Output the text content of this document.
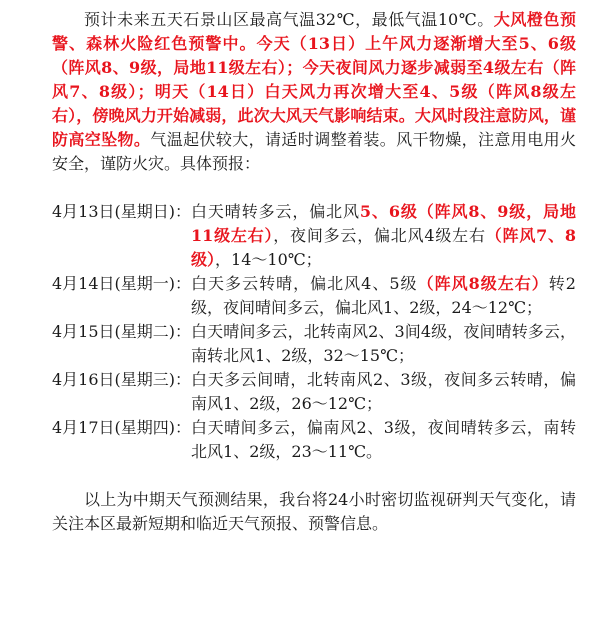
预计未来五天石景山区最高气温32℃，最低气温10℃。大风橙色预警、森林火险红色预警中。今天（13日）上午风力逐渐增大至5、6级（阵风8、9级，局地11级左右）；今天夜间风力逐步减弱至4级左右（阵风7、8级）；明天（14日）白天风力再次增大至4、5级（阵风8级左右），傍晚风力开始减弱，此次大风天气影响结束。大风时段注意防风，谨防高空坠物。气温起伏较大，请适时调整着装。风干物燥，注意用电用火安全，谨防火灾。具体预报：

4月13日(星期日)： 白天晴转多云，偏北风5、6级（阵风8、9级，局地11级左右），夜间多云，偏北风4级左右（阵风7、8级），14～10℃；
4月14日(星期一)： 白天多云转晴，偏北风4、5级（阵风8级左右）转2级，夜间晴间多云，偏北风1、2级，24～12℃；
4月15日(星期二)： 白天晴间多云，北转南风2、3间4级，夜间晴转多云，南转北风1、2级，32～15℃；
4月16日(星期三)： 白天多云间晴，北转南风2、3级，夜间多云转晴，偏南风1、2级，26～12℃；
4月17日(星期四)： 白天晴间多云，偏南风2、3级，夜间晴转多云，南转北风1、2级，23～11℃。

以上为中期天气预测结果，我台将24小时密切监视研判天气变化，请关注本区最新短期和临近天气预报、预警信息。
